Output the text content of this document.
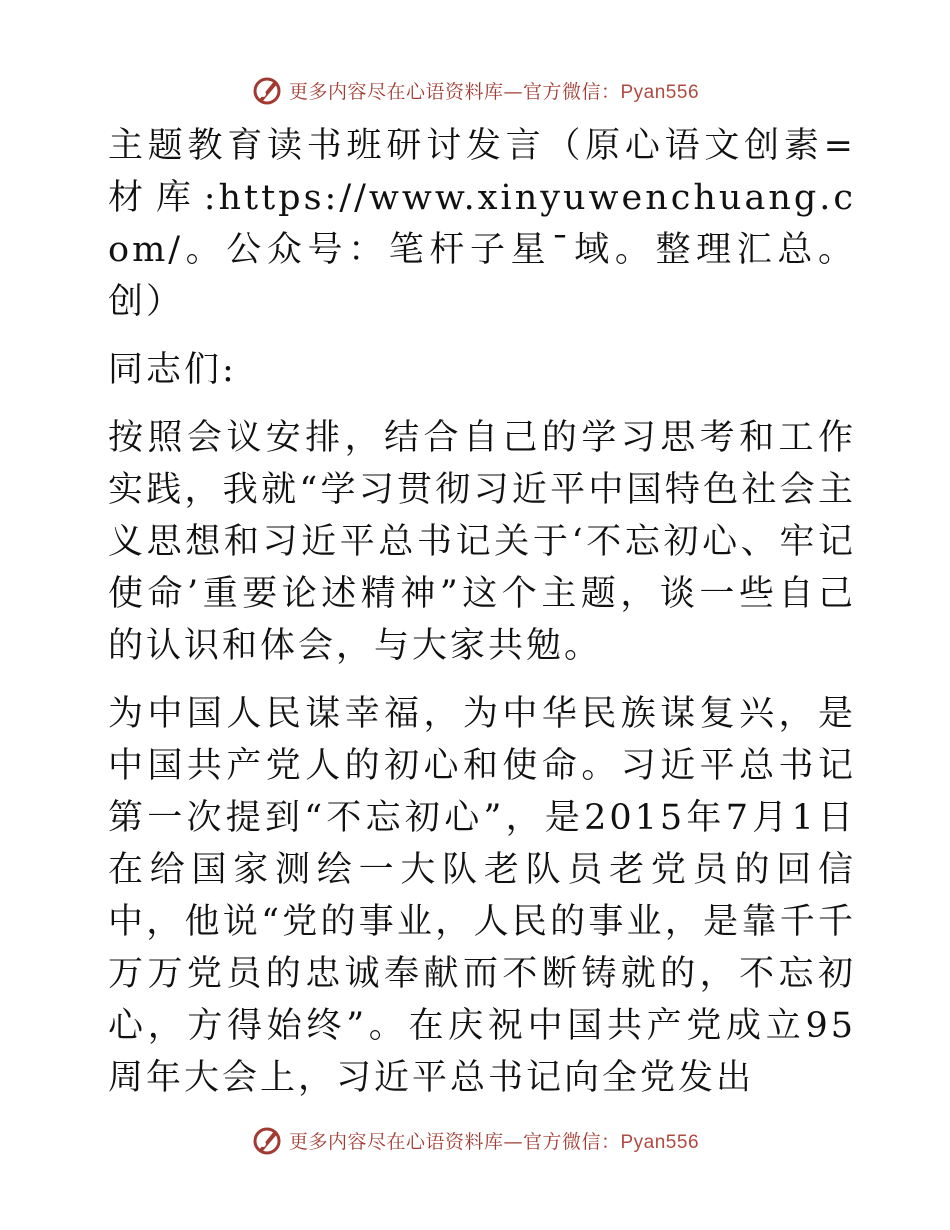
更多内容尽在心语资料库—官方微信：Pyan556

主题教育读书班研讨发言（原心语文创素=材库:https://www.xinyuwenchuang.com/。公众号：笔杆子星¯域。整理汇总。创）

同志们:

按照会议安排，结合自己的学习思考和工作实践，我就“学习贯彻习近平中国特色社会主义思想和习近平总书记关于‘不忘初心、牢记使命’重要论述精神”这个主题，谈一些自己的认识和体会，与大家共勉。

为中国人民谋幸福，为中华民族谋复兴，是中国共产党人的初心和使命。习近平总书记第一次提到“不忘初心”，是2015年7月1日在给国家测绘一大队老队员老党员的回信中，他说“党的事业，人民的事业，是靠千千万万党员的忠诚奉献而不断铸就的，不忘初心，方得始终”。在庆祝中国共产党成立95周年大会上，习近平总书记向全党发出

更多内容尽在心语资料库—官方微信：Pyan556
